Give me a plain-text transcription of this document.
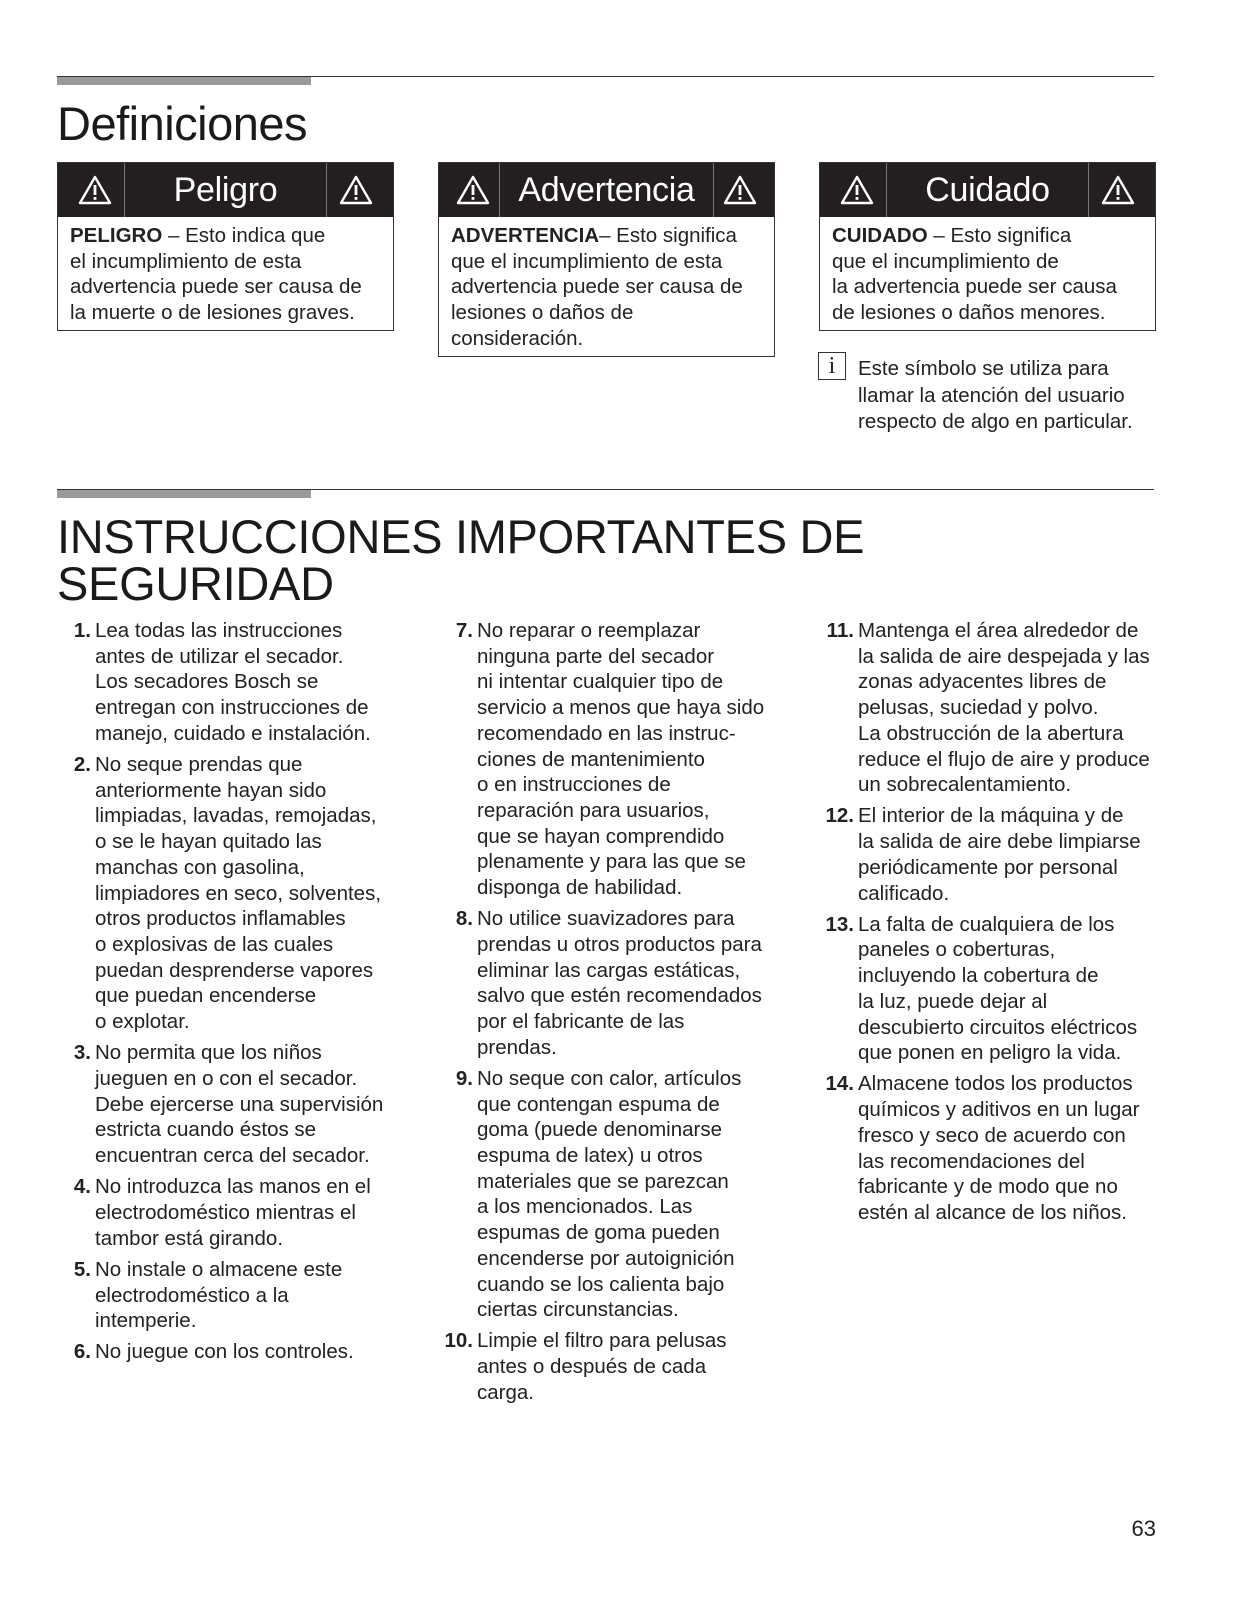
Definiciones
Peligro
PELIGRO – Esto indica que
el incumplimiento de esta
advertencia puede ser causa de
la muerte o de lesiones graves.
Advertencia
ADVERTENCIA– Esto significa
que el incumplimiento de esta
advertencia puede ser causa de
lesiones o daños de
consideración.
Cuidado
CUIDADO – Esto significa
que el incumplimiento de
la advertencia puede ser causa
de lesiones o daños menores.
i	Este símbolo se utiliza para
llamar la atención del usuario
respecto de algo en particular.
INSTRUCCIONES IMPORTANTES DE
SEGURIDAD
1. Lea todas las instrucciones
antes de utilizar el secador.
Los secadores Bosch se
entregan con instrucciones de
manejo, cuidado e instalación.
2. No seque prendas que
anteriormente hayan sido
limpiadas, lavadas, remojadas,
o se le hayan quitado las
manchas con gasolina,
limpiadores en seco, solventes,
otros productos inflamables
o explosivas de las cuales
puedan desprenderse vapores
que puedan encenderse
o explotar.
3. No permita que los niños
jueguen en o con el secador.
Debe ejercerse una supervisión
estricta cuando éstos se
encuentran cerca del secador.
4. No introduzca las manos en el
electrodoméstico mientras el
tambor está girando.
5. No instale o almacene este
electrodoméstico a la
intemperie.
6. No juegue con los controles.
7. No reparar o reemplazar
ninguna parte del secador
ni intentar cualquier tipo de
servicio a menos que haya sido
recomendado en las instruc-
ciones de mantenimiento
o en instrucciones de
reparación para usuarios,
que se hayan comprendido
plenamente y para las que se
disponga de habilidad.
8. No utilice suavizadores para
prendas u otros productos para
eliminar las cargas estáticas,
salvo que estén recomendados
por el fabricante de las
prendas.
9. No seque con calor, artículos
que contengan espuma de
goma (puede denominarse
espuma de latex) u otros
materiales que se parezcan
a los mencionados. Las
espumas de goma pueden
encenderse por autoignición
cuando se los calienta bajo
ciertas circunstancias.
10. Limpie el filtro para pelusas
antes o después de cada
carga.
11. Mantenga el área alrededor de
la salida de aire despejada y las
zonas adyacentes libres de
pelusas, suciedad y polvo.
La obstrucción de la abertura
reduce el flujo de aire y produce
un sobrecalentamiento.
12. El interior de la máquina y de
la salida de aire debe limpiarse
periódicamente por personal
calificado.
13. La falta de cualquiera de los
paneles o coberturas,
incluyendo la cobertura de
la luz, puede dejar al
descubierto circuitos eléctricos
que ponen en peligro la vida.
14. Almacene todos los productos
químicos y aditivos en un lugar
fresco y seco de acuerdo con
las recomendaciones del
fabricante y de modo que no
estén al alcance de los niños.
63
